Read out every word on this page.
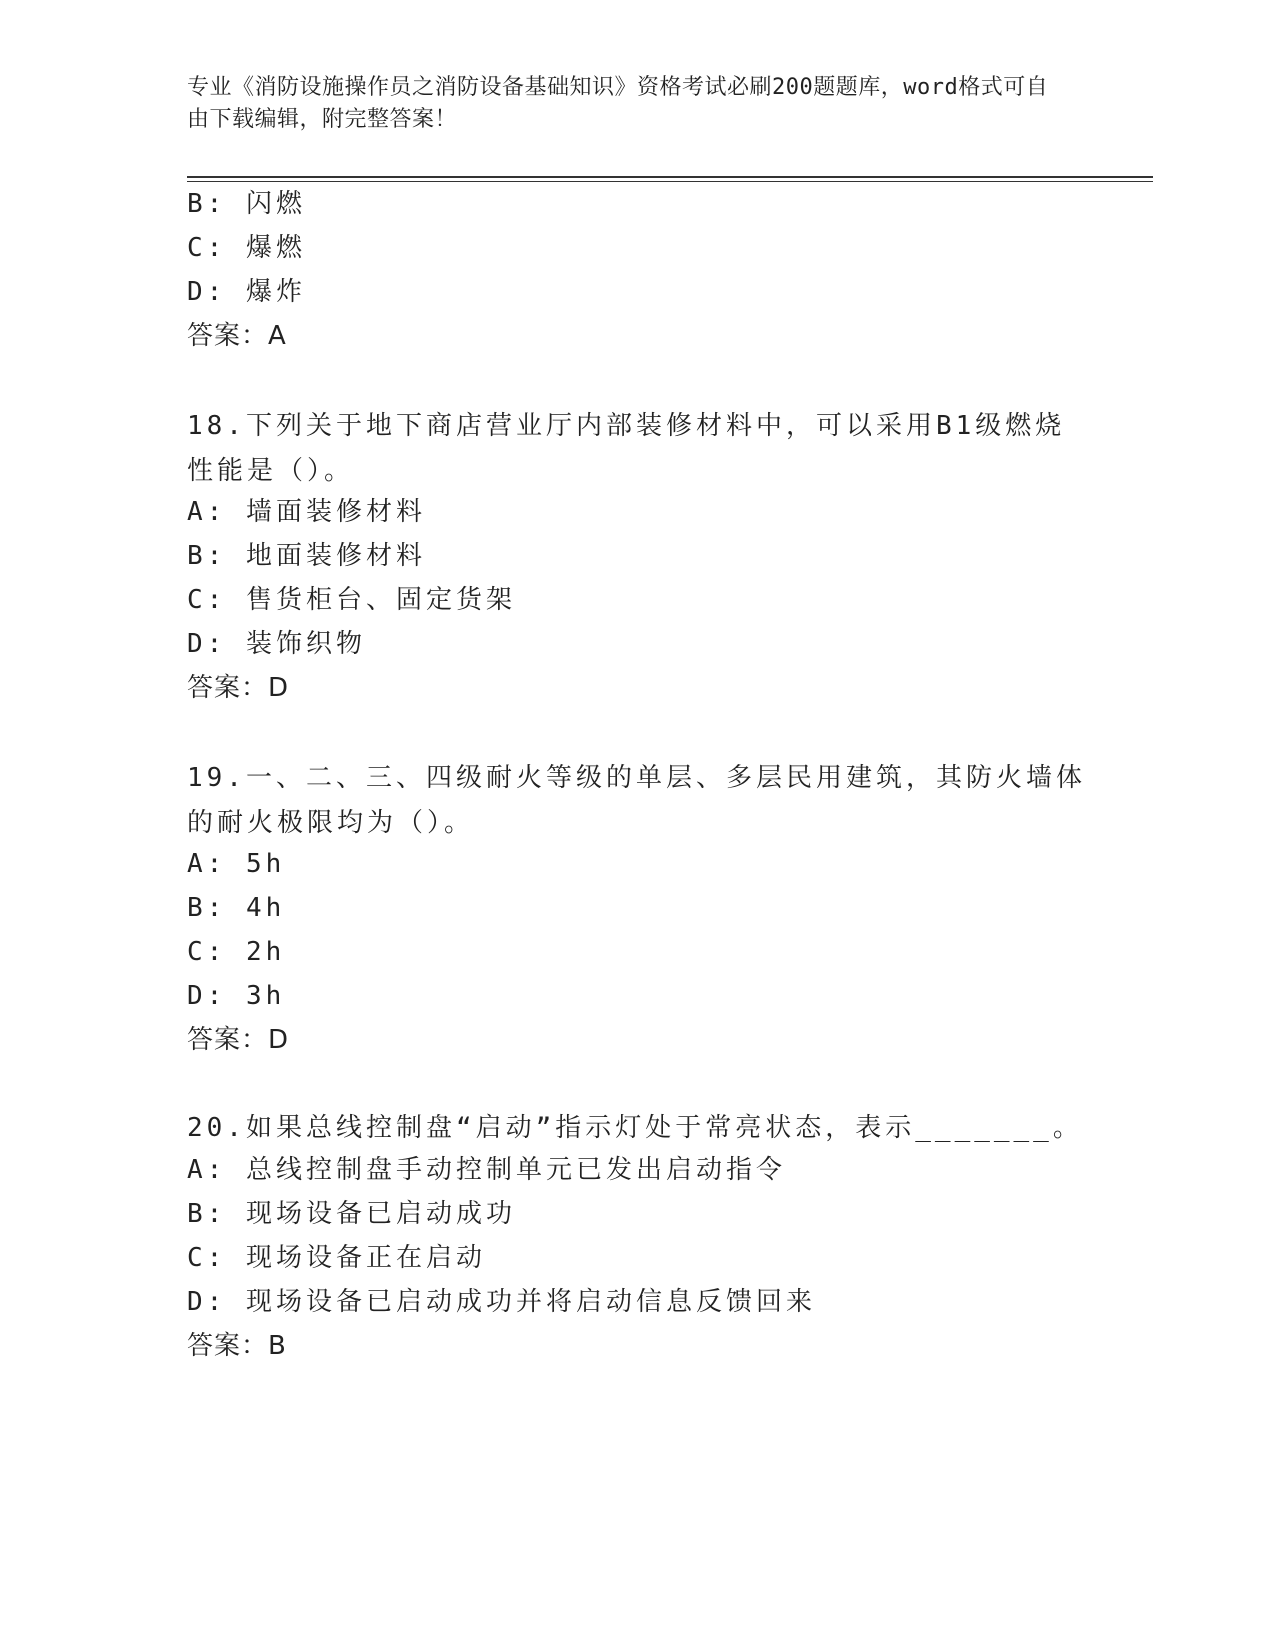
专业《消防设施操作员之消防设备基础知识》资格考试必刷200题题库，word格式可自由下载编辑，附完整答案！
B: 闪燃
C: 爆燃
D: 爆炸
答案：A
18.下列关于地下商店营业厅内部装修材料中，可以采用B1级燃烧性能是（）。
A: 墙面装修材料
B: 地面装修材料
C: 售货柜台、固定货架
D: 装饰织物
答案：D
19.一、二、三、四级耐火等级的单层、多层民用建筑，其防火墙体的耐火极限均为（）。
A: 5h
B: 4h
C: 2h
D: 3h
答案：D
20.如果总线控制盘“启动”指示灯处于常亮状态，表示_______。
A: 总线控制盘手动控制单元已发出启动指令
B: 现场设备已启动成功
C: 现场设备正在启动
D: 现场设备已启动成功并将启动信息反馈回来
答案：B
